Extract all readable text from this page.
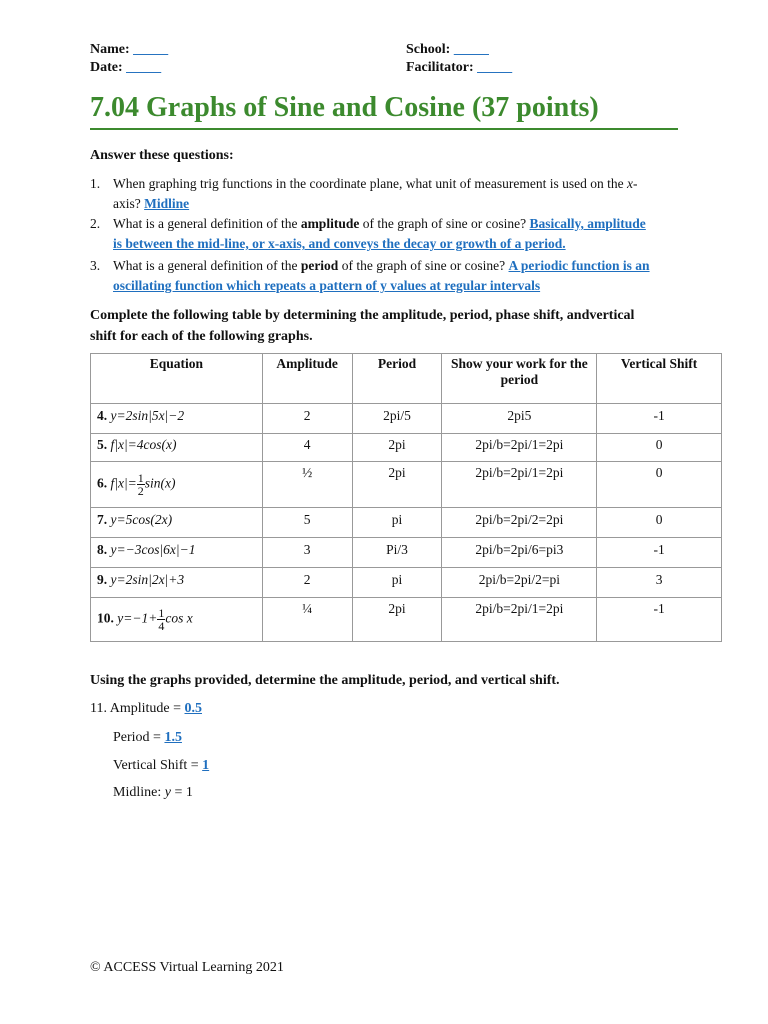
Name: _____	School: _____
Date: _____	Facilitator: _____
7.04 Graphs of Sine and Cosine (37 points)
Answer these questions:
1. When graphing trig functions in the coordinate plane, what unit of measurement is used on the x-
axis? Midline
2. What is a general definition of the amplitude of the graph of sine or cosine? Basically, amplitude
is between the mid-line, or x-axis, and conveys the decay or growth of a period.
3. What is a general definition of the period of the graph of sine or cosine? A periodic function is an
oscillating function which repeats a pattern of y values at regular intervals
Complete the following table by determining the amplitude, period, phase shift, andvertical
shift for each of the following graphs.
Equation	Amplitude	Period	Show your work for the period	Vertical Shift
4. y=2sin|5x|−2	2	2pi/5	2pi5	-1
5. f|x|=4cos(x)	4	2pi	2pi/b=2pi/1=2pi	0
6. $f|x|= \frac{1}{2} \sin(x)$	½	2pi	2pi/b=2pi/1=2pi	0
7. y=5cos(2x)	5	pi	2pi/b=2pi/2=2pi	0
8. y=−3cos|6x|−1	3	Pi/3	2pi/b=2pi/6=pi3	-1
9. y=2sin|2x|+3	2	pi	2pi/b=2pi/2=pi	3
10. $y=-1+ \frac{1}{4}$ cos x	¼	2pi	2pi/b=2pi/1=2pi	-1
Using the graphs provided, determine the amplitude, period, and vertical shift.
11. Amplitude = 0.5
Period = 1.5
Vertical Shift = 1
Midline: y = 1
© ACCESS Virtual Learning 2021
